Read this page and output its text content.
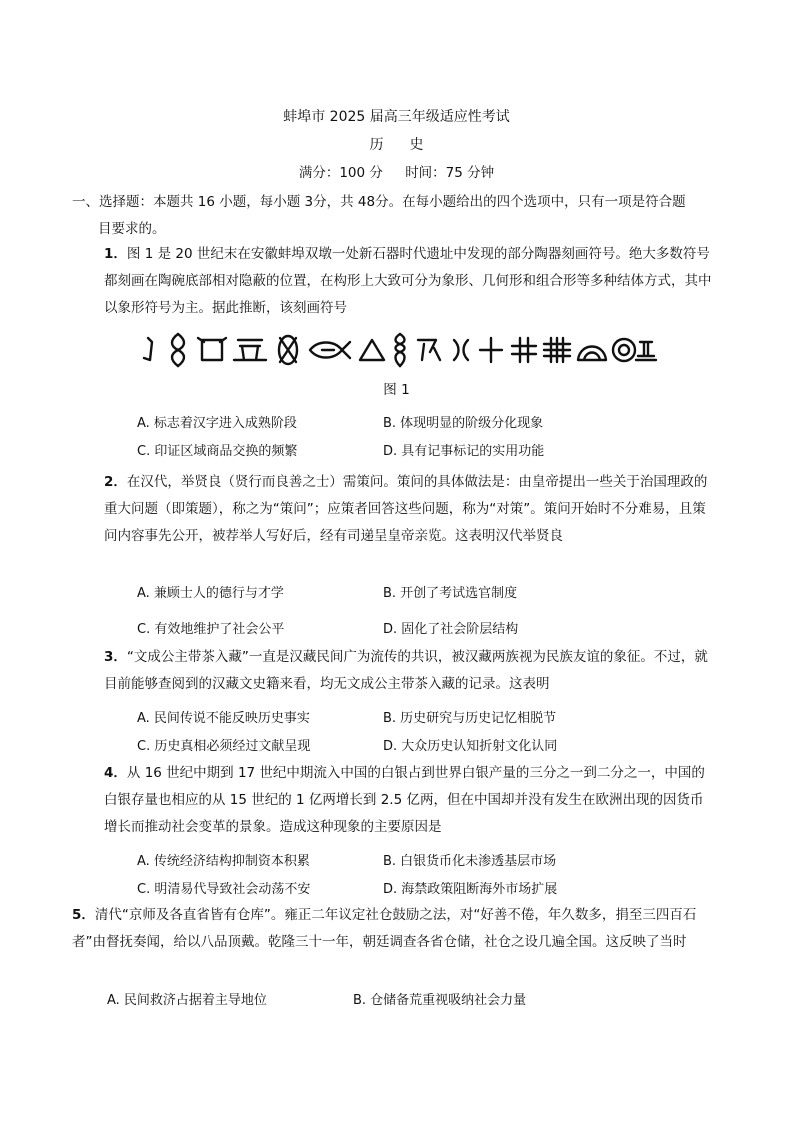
蚌埠市 2025 届高三年级适应性考试
历史
满分：100 分 时间：75 分钟
一、选择题：本题共 16 小题，每小题 3分，共 48分。在每小题给出的四个选项中，只有一项是符合题
目要求的。
1．图 1 是 20 世纪末在安徽蚌埠双墩一处新石器时代遗址中发现的部分陶器刻画符号。绝大多数符号都刻画在陶碗底部相对隐蔽的位置，在构形上大致可分为象形、几何形和组合形等多种结体方式，其中以象形符号为主。据此推断，该刻画符号
图 1
A. 标志着汉字进入成熟阶段	B. 体现明显的阶级分化现象
C. 印证区域商品交换的频繁	D. 具有记事标记的实用功能
2．在汉代，举贤良（贤行而良善之士）需策问。策问的具体做法是：由皇帝提出一些关于治国理政的重大问题（即策题），称之为“策问”；应策者回答这些问题，称为“对策”。策问开始时不分难易，且策问内容事先公开，被荐举人写好后，经有司递呈皇帝亲览。这表明汉代举贤良
A. 兼顾士人的德行与才学	B. 开创了考试选官制度
C. 有效地维护了社会公平	D. 固化了社会阶层结构
3．“文成公主带茶入藏”一直是汉藏民间广为流传的共识，被汉藏两族视为民族友谊的象征。不过，就目前能够查阅到的汉藏文史籍来看，均无文成公主带茶入藏的记录。这表明
A. 民间传说不能反映历史事实	B. 历史研究与历史记忆相脱节
C. 历史真相必须经过文献呈现	D. 大众历史认知折射文化认同
4．从 16 世纪中期到 17 世纪中期流入中国的白银占到世界白银产量的三分之一到二分之一，中国的白银存量也相应的从 15 世纪的 1 亿两增长到 2.5 亿两，但在中国却并没有发生在欧洲出现的因货币增长而推动社会变革的景象。造成这种现象的主要原因是
A. 传统经济结构抑制资本积累	B. 白银货币化未渗透基层市场
C. 明清易代导致社会动荡不安	D. 海禁政策阻断海外市场扩展
5．清代“京师及各直省皆有仓库”。雍正二年议定社仓鼓励之法，对“好善不倦，年久数多，捐至三四百石者”由督抚奏闻，给以八品顶戴。乾隆三十一年，朝廷调查各省仓储，社仓之设几遍全国。这反映了当时
A. 民间救济占据着主导地位	B. 仓储备荒重视吸纳社会力量
